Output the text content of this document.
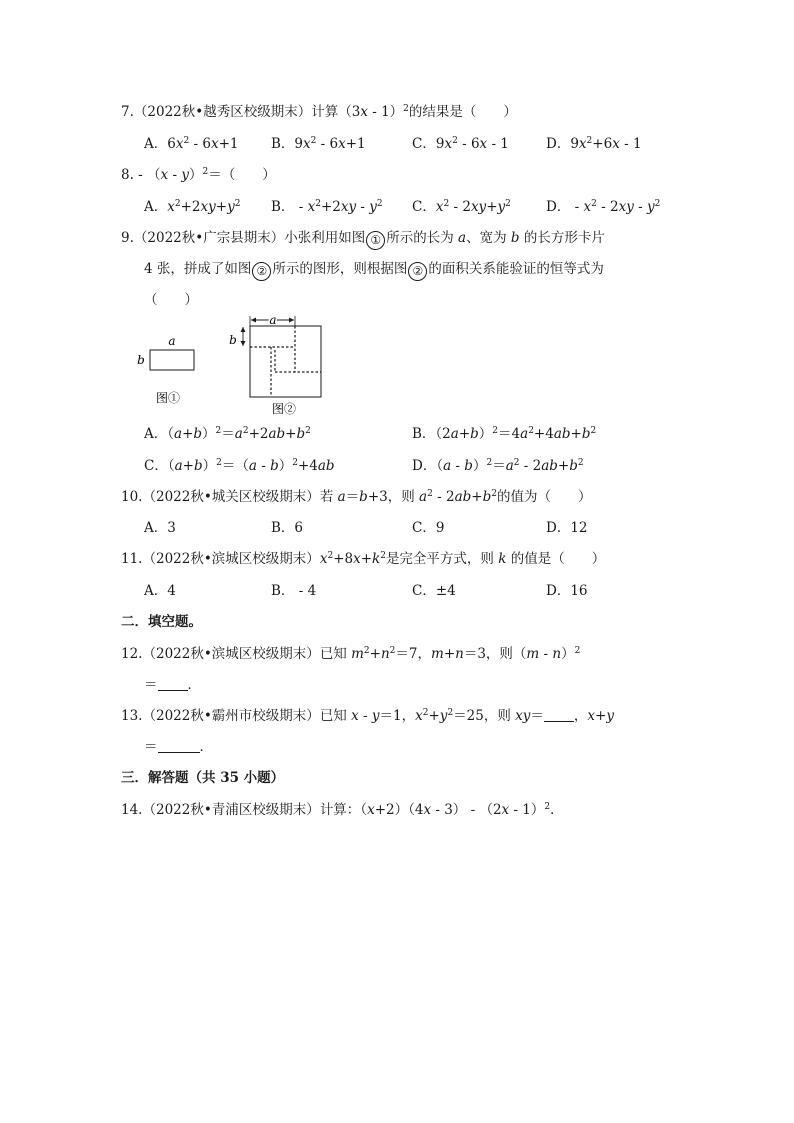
7.（2022秋•越秀区校级期末）计算（3x - 1）$^2$的结果是（　　）
A．$6x^2 - 6x+1$ B．$9x^2 - 6x+1$	C．$9x^2 - 6x - 1$	D．$9x^2+6x - 1$
8. - （x - y）$^2$＝（　　）
A．$x^2+2xy+y^2$ B． - $x^2+2xy - y^2$ C．$x^2 - 2xy+y^2$	D． - $x^2 - 2xy - y^2$
9.（2022秋•广宗县期末）小张利用如图 ① 所示的长为 a、宽为 b 的长方形卡片
4 张，拼成了如图 ② 所示的图形，则根据图 ② 的面积关系能验证的恒等式为
（　　）
a
b
图①
a
b
图②
A．$(a+b)^2=a^2+2ab+b^2$	B．$(2a+b)^2=4a^2+4ab+b^2$
C．$(a+b)^2=(a - b)^2+4ab$	D．$(a - b)^2=a^2 - 2ab+b^2$
10.（2022秋•城关区校级期末）若 a＝b+3，则 $a^2 - 2ab+b^2$的值为（　　）
A．3	B．6	C．9	D．12
11.（2022秋•滨城区校级期末）$x^2+8x+k^2$是完全平方式，则 k 的值是（　　）
A．4	B． - 4	C．±4	D．16
二．填空题。
12.（2022秋•滨城区校级期末）已知 $m^2+n^2=7$，m+n＝3，则（m - n）$^2$
＝ ．
13.（2022秋•霸州市校级期末）已知 x - y＝1，$x^2+y^2=25$，则 xy＝ ，x+y
＝	．
三．解答题（共 35 小题）
14.（2022秋•青浦区校级期末）计算：（x+2）（4x - 3） - （2x - 1）$^2$．
